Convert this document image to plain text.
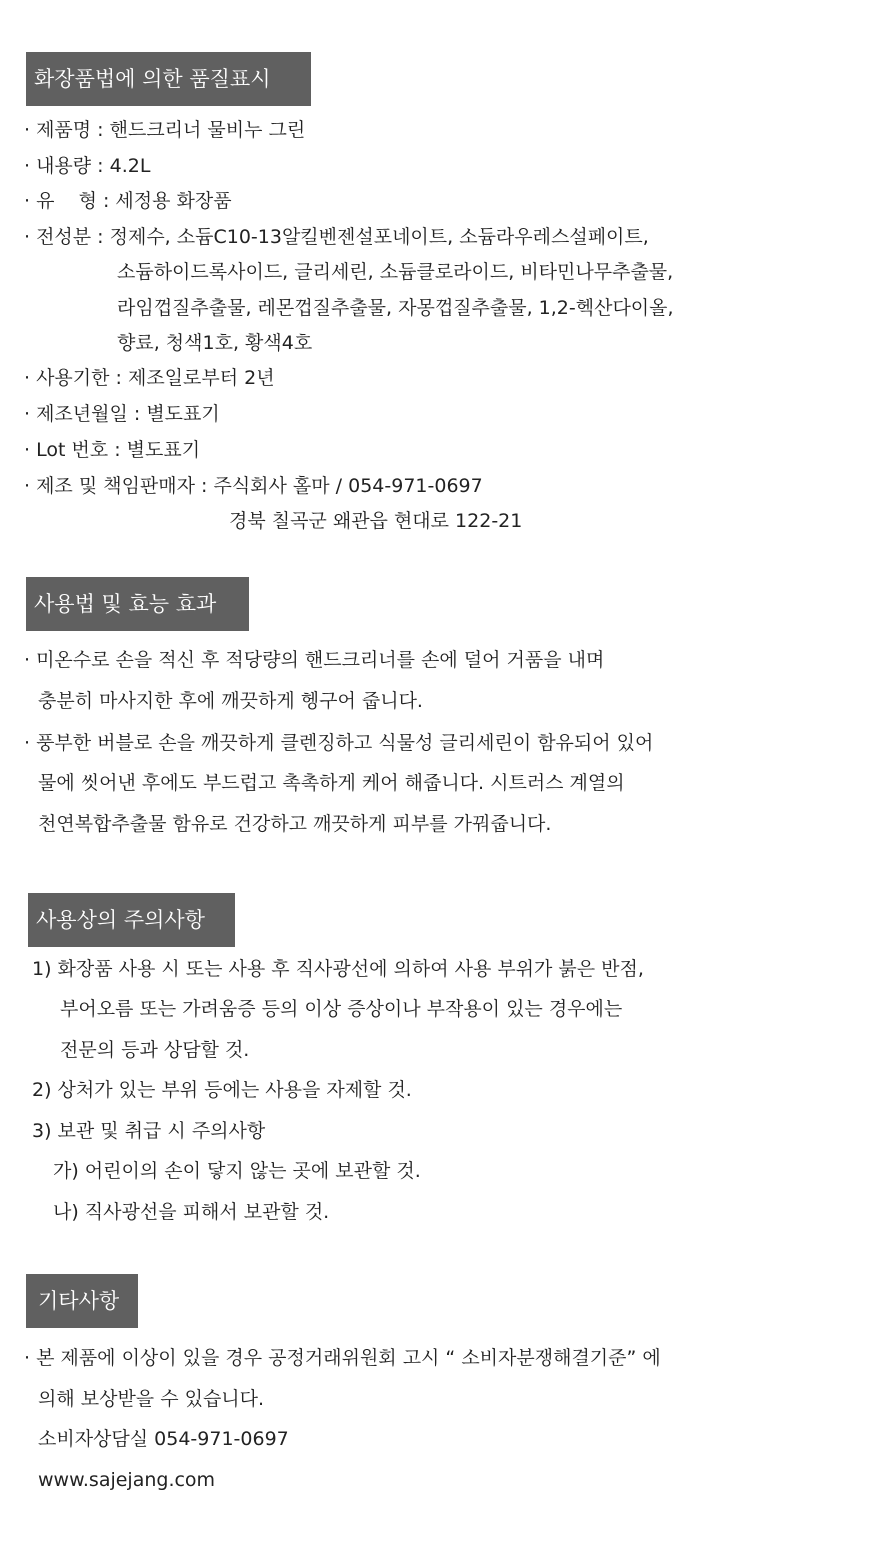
화장품법에 의한 품질표시
· 제품명 : 핸드크리너 물비누 그린
· 내용량 : 4.2L
· 유    형 : 세정용 화장품
· 전성분 : 정제수, 소듐C10-13알킬벤젠설포네이트, 소듐라우레스설페이트,
소듐하이드록사이드, 글리세린, 소듐클로라이드, 비타민나무추출물,
라임껍질추출물, 레몬껍질추출물, 자몽껍질추출물, 1,2-헥산다이올,
향료, 청색1호, 황색4호
· 사용기한 : 제조일로부터 2년
· 제조년월일 : 별도표기
· Lot 번호 : 별도표기
· 제조 및 책임판매자 : 주식회사 홀마 / 054-971-0697
경북 칠곡군 왜관읍 현대로 122-21
사용법 및 효능 효과
· 미온수로 손을 적신 후 적당량의 핸드크리너를 손에 덜어 거품을 내며
충분히 마사지한 후에 깨끗하게 헹구어 줍니다.
· 풍부한 버블로 손을 깨끗하게 클렌징하고 식물성 글리세린이 함유되어 있어
물에 씻어낸 후에도 부드럽고 촉촉하게 케어 해줍니다. 시트러스 계열의
천연복합추출물 함유로 건강하고 깨끗하게 피부를 가꿔줍니다.
사용상의 주의사항
1) 화장품 사용 시 또는 사용 후 직사광선에 의하여 사용 부위가 붉은 반점,
부어오름 또는 가려움증 등의 이상 증상이나 부작용이 있는 경우에는
전문의 등과 상담할 것.
2) 상처가 있는 부위 등에는 사용을 자제할 것.
3) 보관 및 취급 시 주의사항
가) 어린이의 손이 닿지 않는 곳에 보관할 것.
나) 직사광선을 피해서 보관할 것.
기타사항
· 본 제품에 이상이 있을 경우 공정거래위원회 고시 “ 소비자분쟁해결기준” 에
의해 보상받을 수 있습니다.
소비자상담실 054-971-0697
www.sajejang.com
